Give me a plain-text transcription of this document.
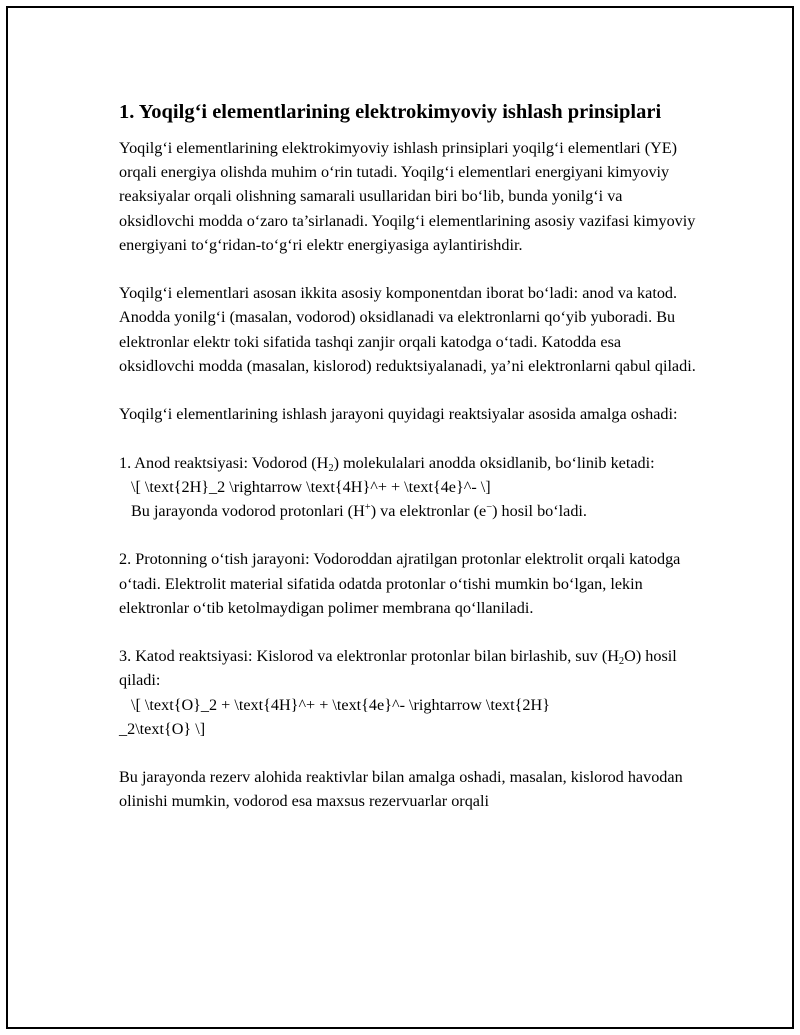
1. Yoqilg‘i elementlarining elektrokimyoviy ishlash prinsiplari

Yoqilg‘i elementlarining elektrokimyoviy ishlash prinsiplari yoqilg‘i elementlari (YE) orqali energiya olishda muhim o‘rin tutadi. Yoqilg‘i elementlari energiyani kimyoviy reaksiyalar orqali olishning samarali usullaridan biri bo‘lib, bunda yonilg‘i va oksidlovchi modda o‘zaro ta’sirlanadi. Yoqilg‘i elementlarining asosiy vazifasi kimyoviy energiyani to‘g‘ridan-to‘g‘ri elektr energiyasiga aylantirishdir.

Yoqilg‘i elementlari asosan ikkita asosiy komponentdan iborat bo‘ladi: anod va katod. Anodda yonilg‘i (masalan, vodorod) oksidlanadi va elektronlarni qo‘yib yuboradi. Bu elektronlar elektr toki sifatida tashqi zanjir orqali katodga o‘tadi. Katodda esa oksidlovchi modda (masalan, kislorod) reduktsiyalanadi, ya’ni elektronlarni qabul qiladi.

Yoqilg‘i elementlarining ishlash jarayoni quyidagi reaktsiyalar asosida amalga oshadi:

1. Anod reaktsiyasi: Vodorod $(H_2)$ molekulalari anodda oksidlanib, bo‘linib ketadi:

\[ \text{2H}_2 \rightarrow \text{4H}^+ + \text{4e}^- \]

Bu jarayonda vodorod protonlari (H+) va elektronlar (e−) hosil bo‘ladi.

2. Protonning o‘tish jarayoni: Vodoroddan ajratilgan protonlar elektrolit orqali katodga o‘tadi. Elektrolit material sifatida odatda protonlar o‘tishi mumkin bo‘lgan, lekin elektronlar o‘tib ketolmaydigan polimer membrana qo‘llaniladi.

3. Katod reaktsiyasi: Kislorod va elektronlar protonlar bilan birlashib, suv $(H_2O)$ hosil qiladi:

\[ \text{O}_2 + \text{4H}^+ + \text{4e}^- \rightarrow \text{2H}

_2\text{O} \]

Bu jarayonda rezerv alohida reaktivlar bilan amalga oshadi, masalan, kislorod havodan olinishi mumkin, vodorod esa maxsus rezervuarlar orqali
